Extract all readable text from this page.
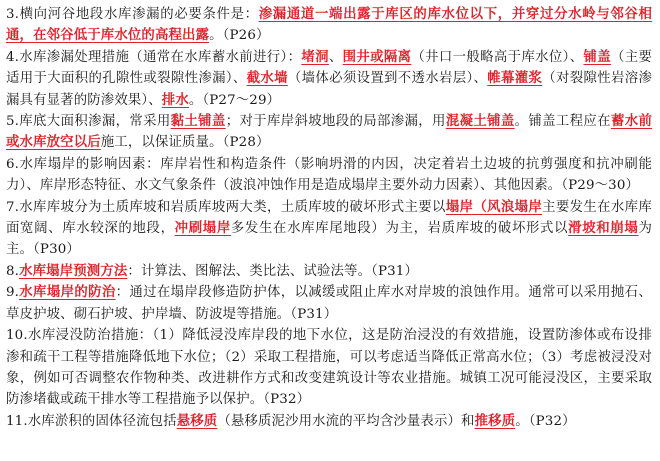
3.横向河谷地段水库渗漏的必要条件是：渗漏通道一端出露于库区的库水位以下，并穿过分水岭与邻谷相通，在邻谷低于库水位的高程出露。（P26）

4.水库渗漏处理措施（通常在水库蓄水前进行）：堵洞、围井或隔离（井口一般略高于库水位）、铺盖（主要适用于大面积的孔隙性或裂隙性渗漏）、截水墙（墙体必须设置到不透水岩层）、帷幕灌浆（对裂隙性岩溶渗漏具有显著的防渗效果）、排水。（P27～29）

5.库底大面积渗漏，常采用黏土铺盖；对于库岸斜坡地段的局部渗漏，用混凝土铺盖。铺盖工程应在蓄水前或水库放空以后施工，以保证质量。（P28）

6.水库塌岸的影响因素：库岸岩性和构造条件（影响坍滑的内因，决定着岩土边坡的抗剪强度和抗冲刷能力）、库岸形态特征、水文气象条件（波浪冲蚀作用是造成塌岸主要外动力因素）、其他因素。（P29～30）

7.水库库坡分为土质库坡和岩质库坡两大类，土质库坡的破坏形式主要以塌岸（风浪塌岸主要发生在水库库面宽阔、库水较深的地段，冲刷塌岸多发生在水库库尾地段）为主，岩质库坡的破坏形式以滑坡和崩塌为主。（P30）

8.水库塌岸预测方法：计算法、图解法、类比法、试验法等。（P31）

9.水库塌岸的防治：通过在塌岸段修造防护体，以减缓或阻止库水对岸坡的浪蚀作用。通常可以采用抛石、草皮护坡、砌石护坡、护岸墙、防波堤等措施。（P31）

10.水库浸没防治措施：（1）降低浸没库岸段的地下水位，这是防治浸没的有效措施，设置防渗体或布设排渗和疏干工程等措施降低地下水位；（2）采取工程措施，可以考虑适当降低正常高水位；（3）考虑被浸没对象，例如可否调整农作物种类、改进耕作方式和改变建筑设计等农业措施。城镇工况可能浸没区，主要采取防渗堵截或疏干排水等工程措施予以保护。（P32）

11.水库淤积的固体径流包括悬移质（悬移质泥沙用水流的平均含沙量表示）和推移质。（P32）
